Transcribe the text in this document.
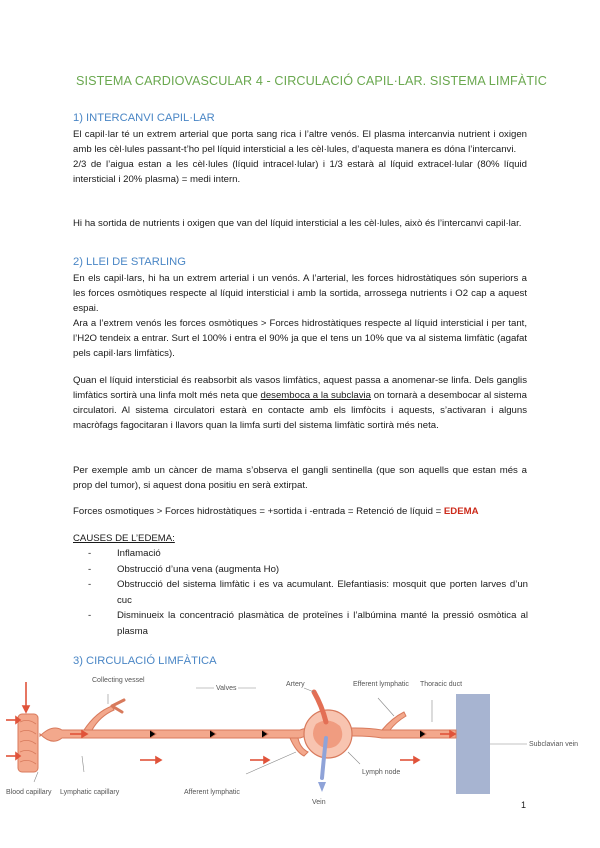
SISTEMA CARDIOVASCULAR 4 - CIRCULACIÓ CAPIL·LAR. SISTEMA LIMFÀTIC
1) INTERCANVI CAPIL·LAR

El capil·lar té un extrem arterial que porta sang rica i l’altre venós. El plasma intercanvia nutrient i oxigen amb les cèl·lules passant-t’ho pel líquid intersticial a les cèl·lules, d’aquesta manera es dóna l’intercanvi.

2/3 de l’aigua estan a les cèl·lules (líquid intracel·lular) i 1/3 estarà al líquid extracel·lular (80% líquid intersticial i 20% plasma) = medi intern.

Hi ha sortida de nutrients i oxigen que van del líquid intersticial a les cèl·lules, això és l’intercanvi capil·lar.
2) LLEI DE STARLING

En els capil·lars, hi ha un extrem arterial i un venós. A l’arterial, les forces hidrostàtiques són superiors a les forces osmòtiques respecte al líquid intersticial i amb la sortida, arrossega nutrients i O2 cap a aquest espai.

Ara a l’extrem venós les forces osmòtiques > Forces hidrostàtiques respecte al líquid intersticial i per tant, l’H2O tendeix a entrar. Surt el 100% i entra el 90% ja que el tens un 10% que va al sistema limfàtic (agafat pels capil·lars limfàtics).

Quan el líquid intersticial és reabsorbit als vasos limfàtics, aquest passa a anomenar-se linfa. Dels ganglis limfàtics sortirà una linfa molt més neta que desemboca a la subclavia on tornarà a desembocar al sistema circulatori. Al sistema circulatori estarà en contacte amb els limfòcits i aquests, s’activaran i alguns macròfags fagocitaran i llavors quan la limfa surti del sistema limfàtic sortirà més neta.
Per exemple amb un càncer de mama s’observa el gangli sentinella (que son aquells que estan més a prop del tumor), si aquest dona positiu en serà extirpat.
Forces osmotiques > Forces hidrostàtiques = +sortida i -entrada = Retenció de líquid = EDEMA
CAUSES DE L’EDEMA:
-	Inflamació
-	Obstrucció d’una vena (augmenta Ho)
-	Obstrucció del sistema limfàtic i es va acumulant. Elefantiasis: mosquit que porten larves d’un cuc
-	Disminueix la concentració plasmàtica de proteïnes i l’albúmina manté la pressió osmòtica al plasma
3) CIRCULACIÓ LIMFÀTICA
Collecting vessel
Valves
Artery	Efferent lymphatic Thoracic duct
Subclavian vein
Blood capillary Lymphatic capillary	Afferent lymphatic
Lymph node
Vein	1
